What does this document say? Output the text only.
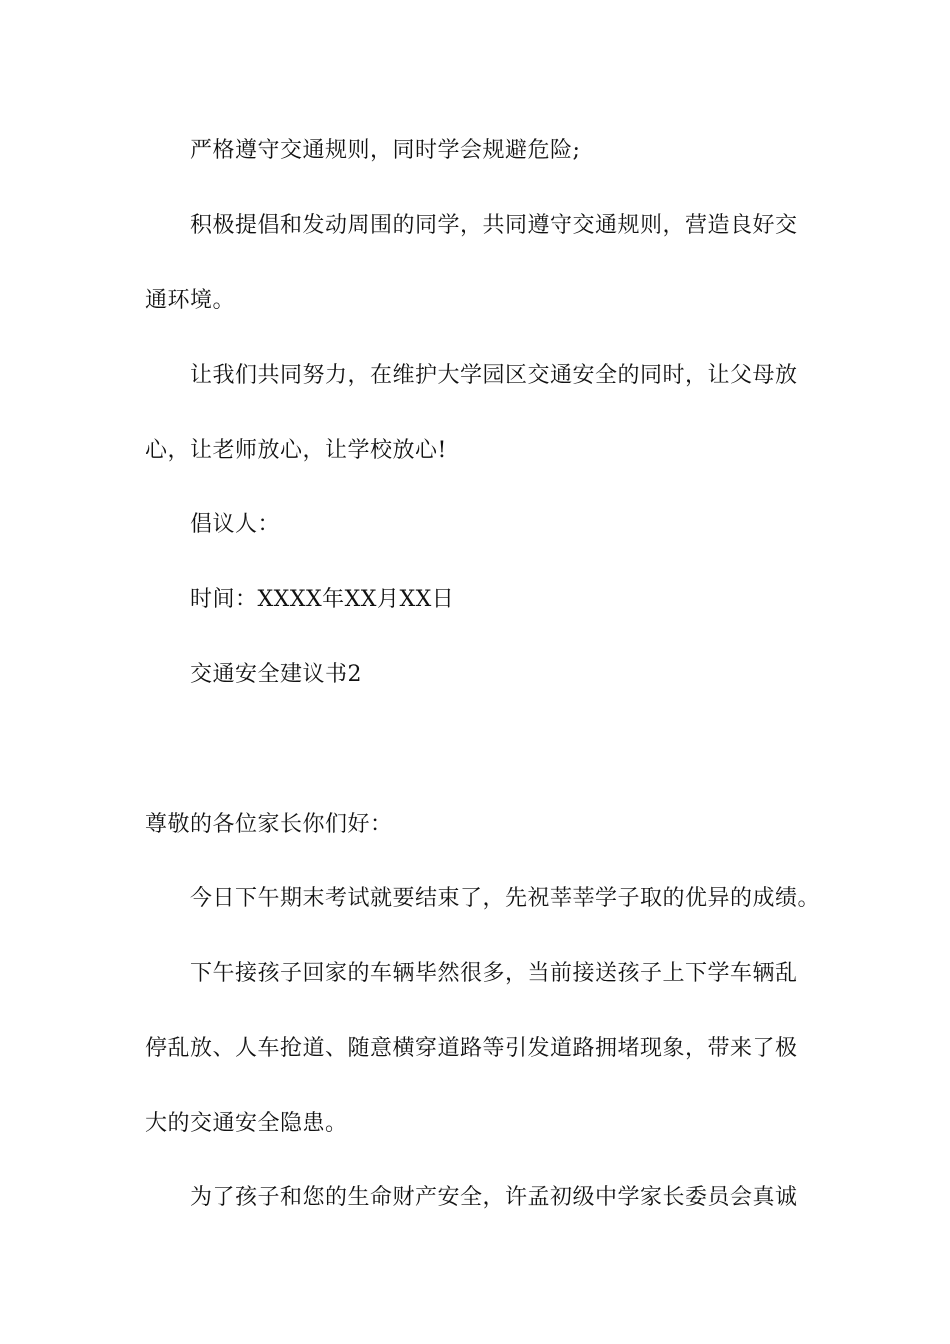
严格遵守交通规则，同时学会规避危险;
积极提倡和发动周围的同学，共同遵守交通规则，营造良好交
通环境。
让我们共同努力，在维护大学园区交通安全的同时，让父母放
心，让老师放心，让学校放心!
倡议人：
时间：XXXX年XX月XX日
交通安全建议书2
尊敬的各位家长你们好：
今日下午期末考试就要结束了，先祝莘莘学子取的优异的成绩。
下午接孩子回家的车辆毕然很多，当前接送孩子上下学车辆乱
停乱放、人车抢道、随意横穿道路等引发道路拥堵现象，带来了极
大的交通安全隐患。
为了孩子和您的生命财产安全，许孟初级中学家长委员会真诚
